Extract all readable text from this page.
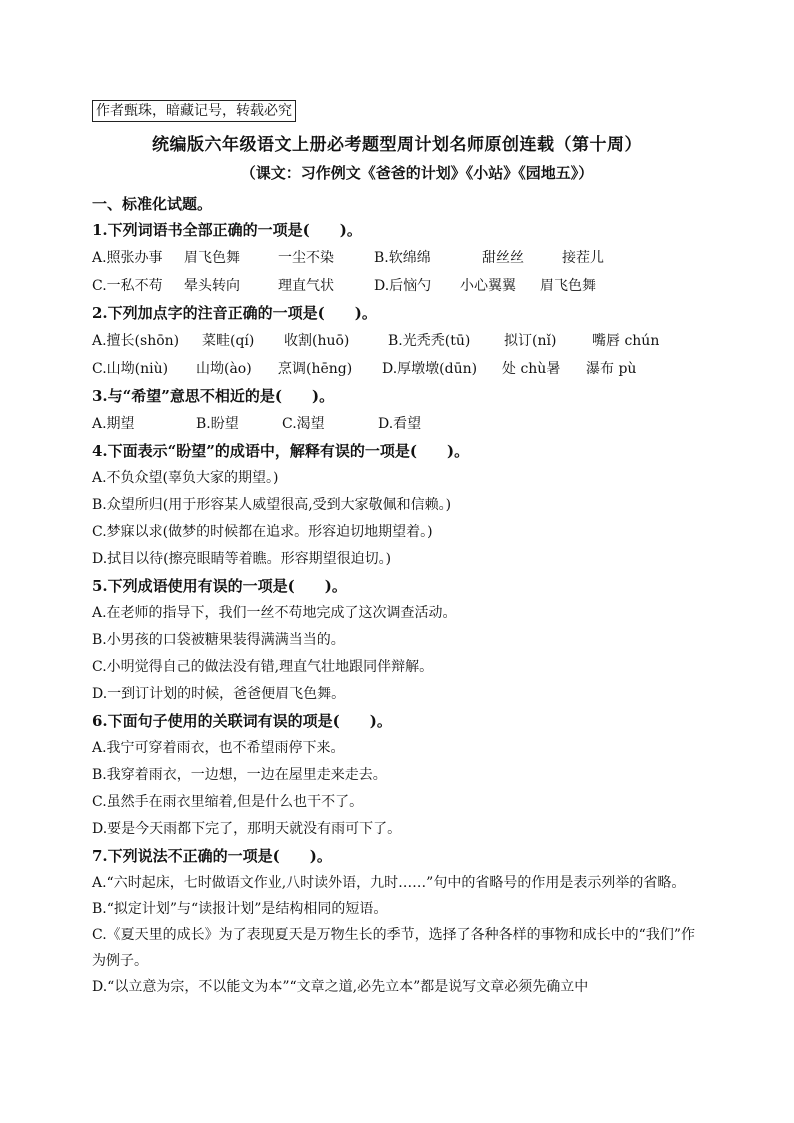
作者甄珠，暗藏记号，转载必究
统编版六年级语文上册必考题型周计划名师原创连载（第十周）
（课文：习作例文《爸爸的计划》《小站》《园地五》）
一、标准化试题。
1.下列词语书全部正确的一项是(　　)。
A.照张办事 眉飞色舞	一尘不染	B.软绵绵	甜丝丝	接茬儿
C.一私不苟 晕头转向	理直气状	D.后恼勺 小心翼翼 眉飞色舞
2.下列加点字的注音正确的一项是(　　)。
A.擅长(shōn) 菜畦(qí) 收割(huō)	B.光秃秃(tū) 拟订(nǐ)	嘴唇 chún
C.山坳(niù) 山坳(ào) 烹调(hēng) D.厚墩墩(dūn) 处 chù暑 瀑布 pù
3.与“希望”意思不相近的是(　　)。
A.期望	B.盼望	C.渴望	D.看望
4.下面表示“盼望”的成语中，解释有误的一项是(　　)。
A.不负众望(辜负大家的期望。)
B.众望所归(用于形容某人威望很高,受到大家敬佩和信赖。)
C.梦寐以求(做梦的时候都在追求。形容迫切地期望着。)
D.拭目以待(擦亮眼睛等着瞧。形容期望很迫切。)
5.下列成语使用有误的一项是(　　)。
A.在老师的指导下，我们一丝不苟地完成了这次调查活动。
B.小男孩的口袋被糖果装得满满当当的。
C.小明觉得自己的做法没有错,理直气壮地跟同伴辩解。
D.一到订计划的时候，爸爸便眉飞色舞。
6.下面句子使用的关联词有误的项是(　　)。
A.我宁可穿着雨衣，也不希望雨停下来。
B.我穿着雨衣，一边想，一边在屋里走来走去。
C.虽然手在雨衣里缩着,但是什么也干不了。
D.要是今天雨都下完了，那明天就没有雨可下了。
7.下列说法不正确的一项是(　　)。
A.“六时起床，七时做语文作业,八时读外语，九时……”句中的省略号的作用是表示列举的省略。
B.“拟定计划”与“读报计划”是结构相同的短语。
C.《夏天里的成长》为了表现夏天是万物生长的季节，选择了各种各样的事物和成长中的“我们”作为例子。
D.“以立意为宗，不以能文为本”“文章之道,必先立本”都是说写文章必须先确立中
